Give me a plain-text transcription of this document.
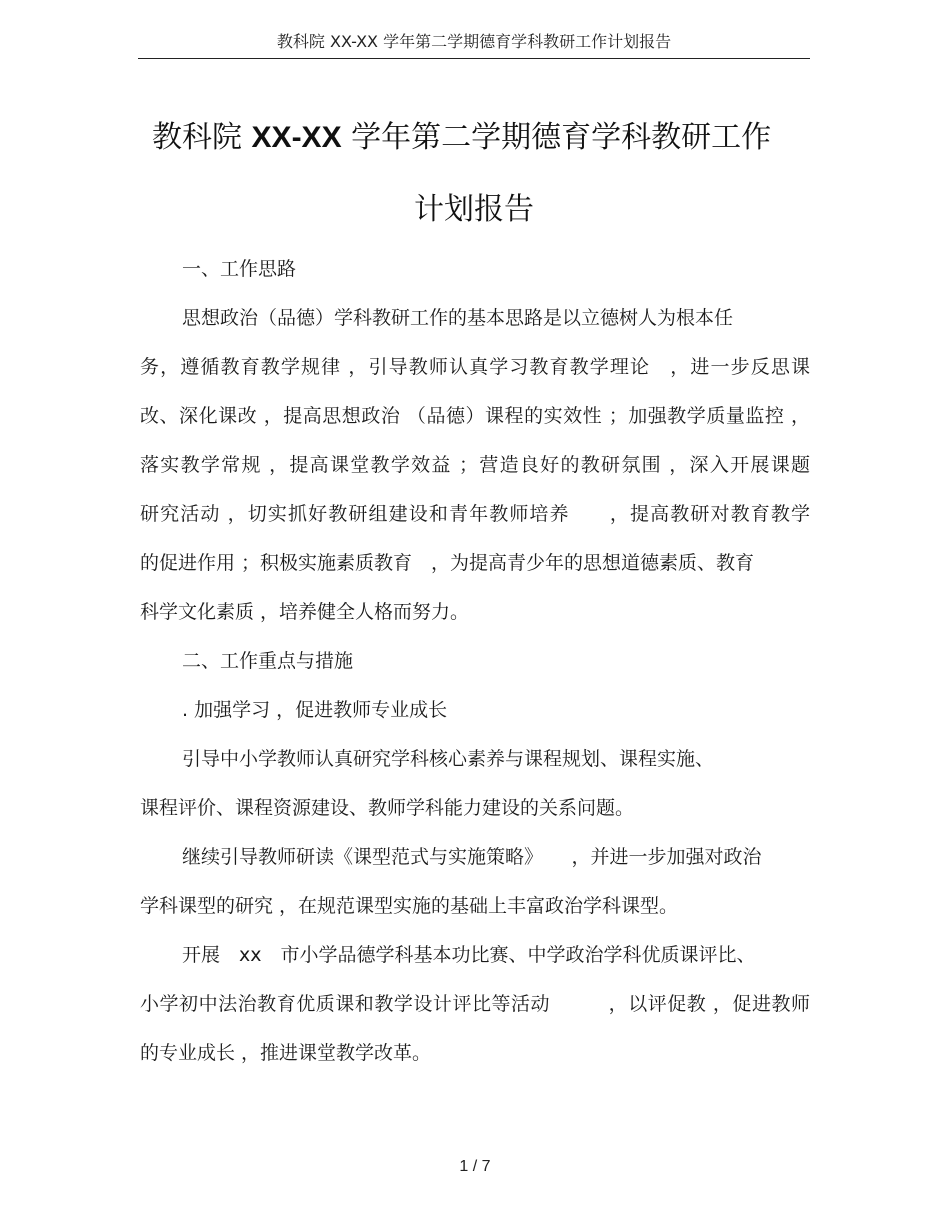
教科院 XX-XX 学年第二学期德育学科教研工作计划报告
教科院 XX-XX 学年第二学期德育学科教研工作
计划报告
一、工作思路
思想政治（品德）学科教研工作的基本思路是以立德树人为根本任
务，遵循教育教学规律 ，引导教师认真学习教育教学理论　，进一步反思课
改、深化课改 ，提高思想政治 （品德）课程的实效性 ；加强教学质量监控 ，
落实教学常规 ，提高课堂教学效益 ；营造良好的教研氛围 ，深入开展课题
研究活动 ，切实抓好教研组建设和青年教师培养　　，提高教研对教育教学
的促进作用 ；积极实施素质教育　，为提高青少年的思想道德素质、教育
科学文化素质 ，培养健全人格而努力。
二、工作重点与措施
. 加强学习 ，促进教师专业成长
引导中小学教师认真研究学科核心素养与课程规划、课程实施、
课程评价、课程资源建设、教师学科能力建设的关系问题。
继续引导教师研读《课型范式与实施策略》　　，并进一步加强对政治
学科课型的研究 ，在规范课型实施的基础上丰富政治学科课型。
开展　xx　市小学品德学科基本功比赛、中学政治学科优质课评比、
小学初中法治教育优质课和教学设计评比等活动　　　，以评促教 ，促进教师
的专业成长 ，推进课堂教学改革。
1 / 7
